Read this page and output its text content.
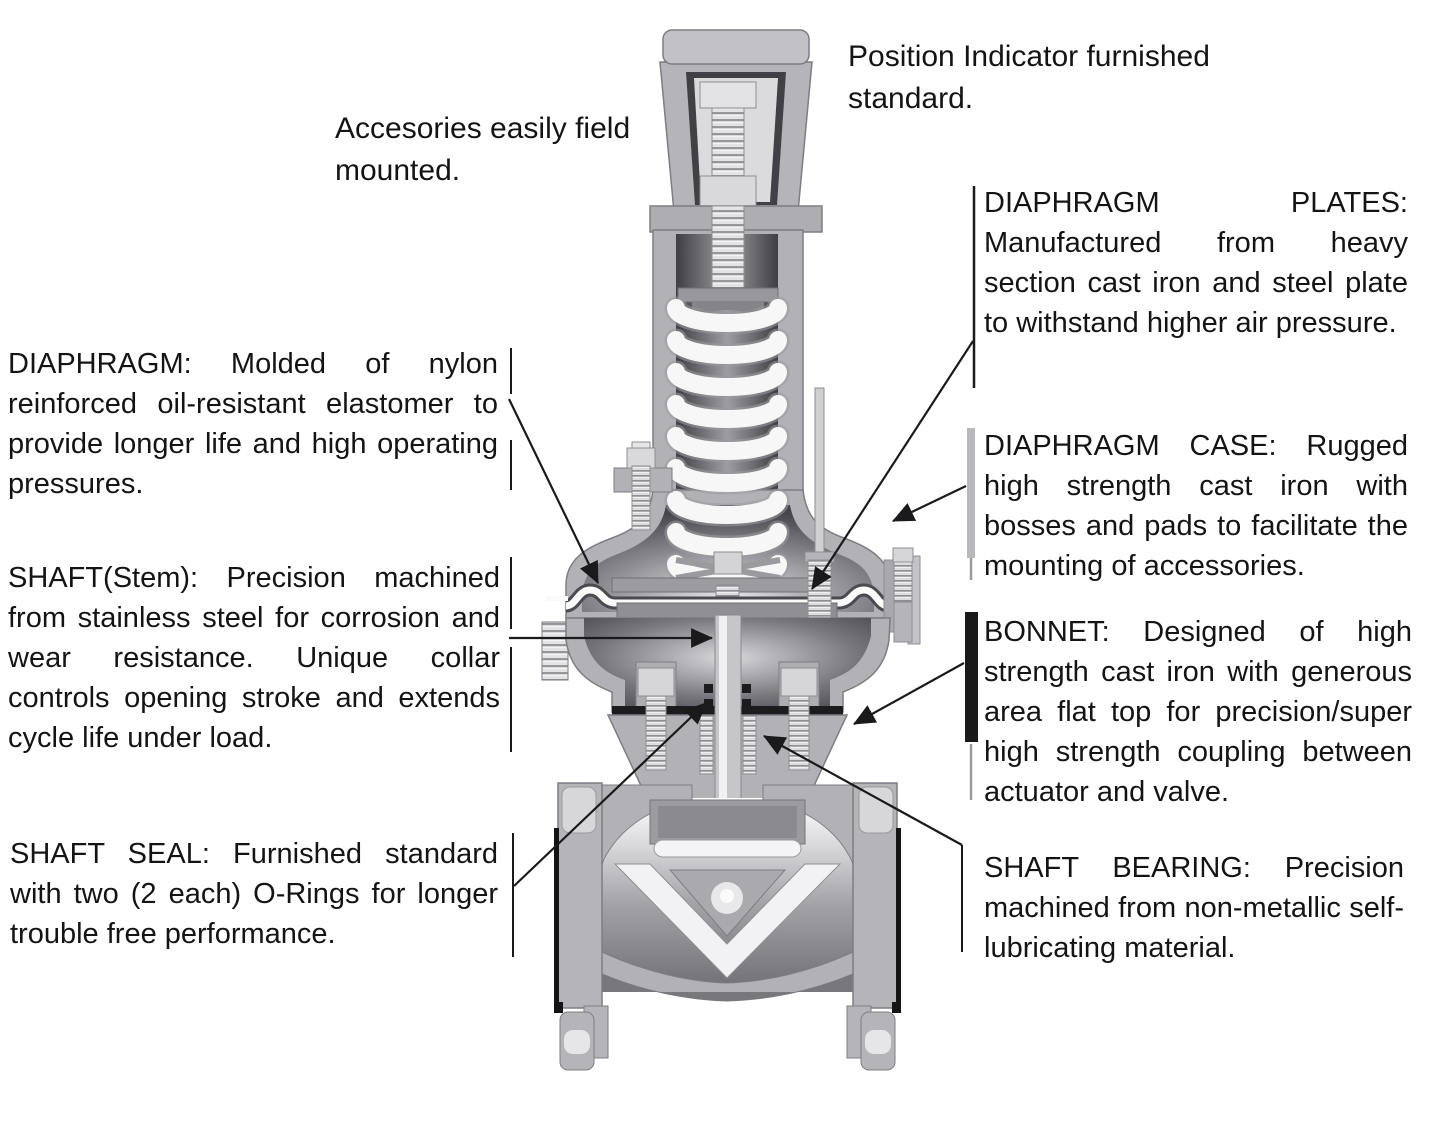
Accesories easily field mounted.
Position Indicator furnished standard.
DIAPHRAGM: Molded of nylon reinforced oil-resistant elastomer to provide longer life and high operating pressures.
SHAFT(Stem): Precision machined from stainless steel for corrosion and wear resistance. Unique collar controls opening stroke and extends cycle life under load.
SHAFT SEAL: Furnished standard with two (2 each) O-Rings for longer trouble free performance.
DIAPHRAGM PLATES: Manufactured from heavy section cast iron and steel plate to withstand higher air pressure.
DIAPHRAGM CASE: Rugged high strength cast iron with bosses and pads to facilitate the mounting of accessories.
BONNET: Designed of high strength cast iron with generous area flat top for precision/super high strength coupling between actuator and valve.
SHAFT BEARING: Precision machined from non-metallic self-lubricating material.
